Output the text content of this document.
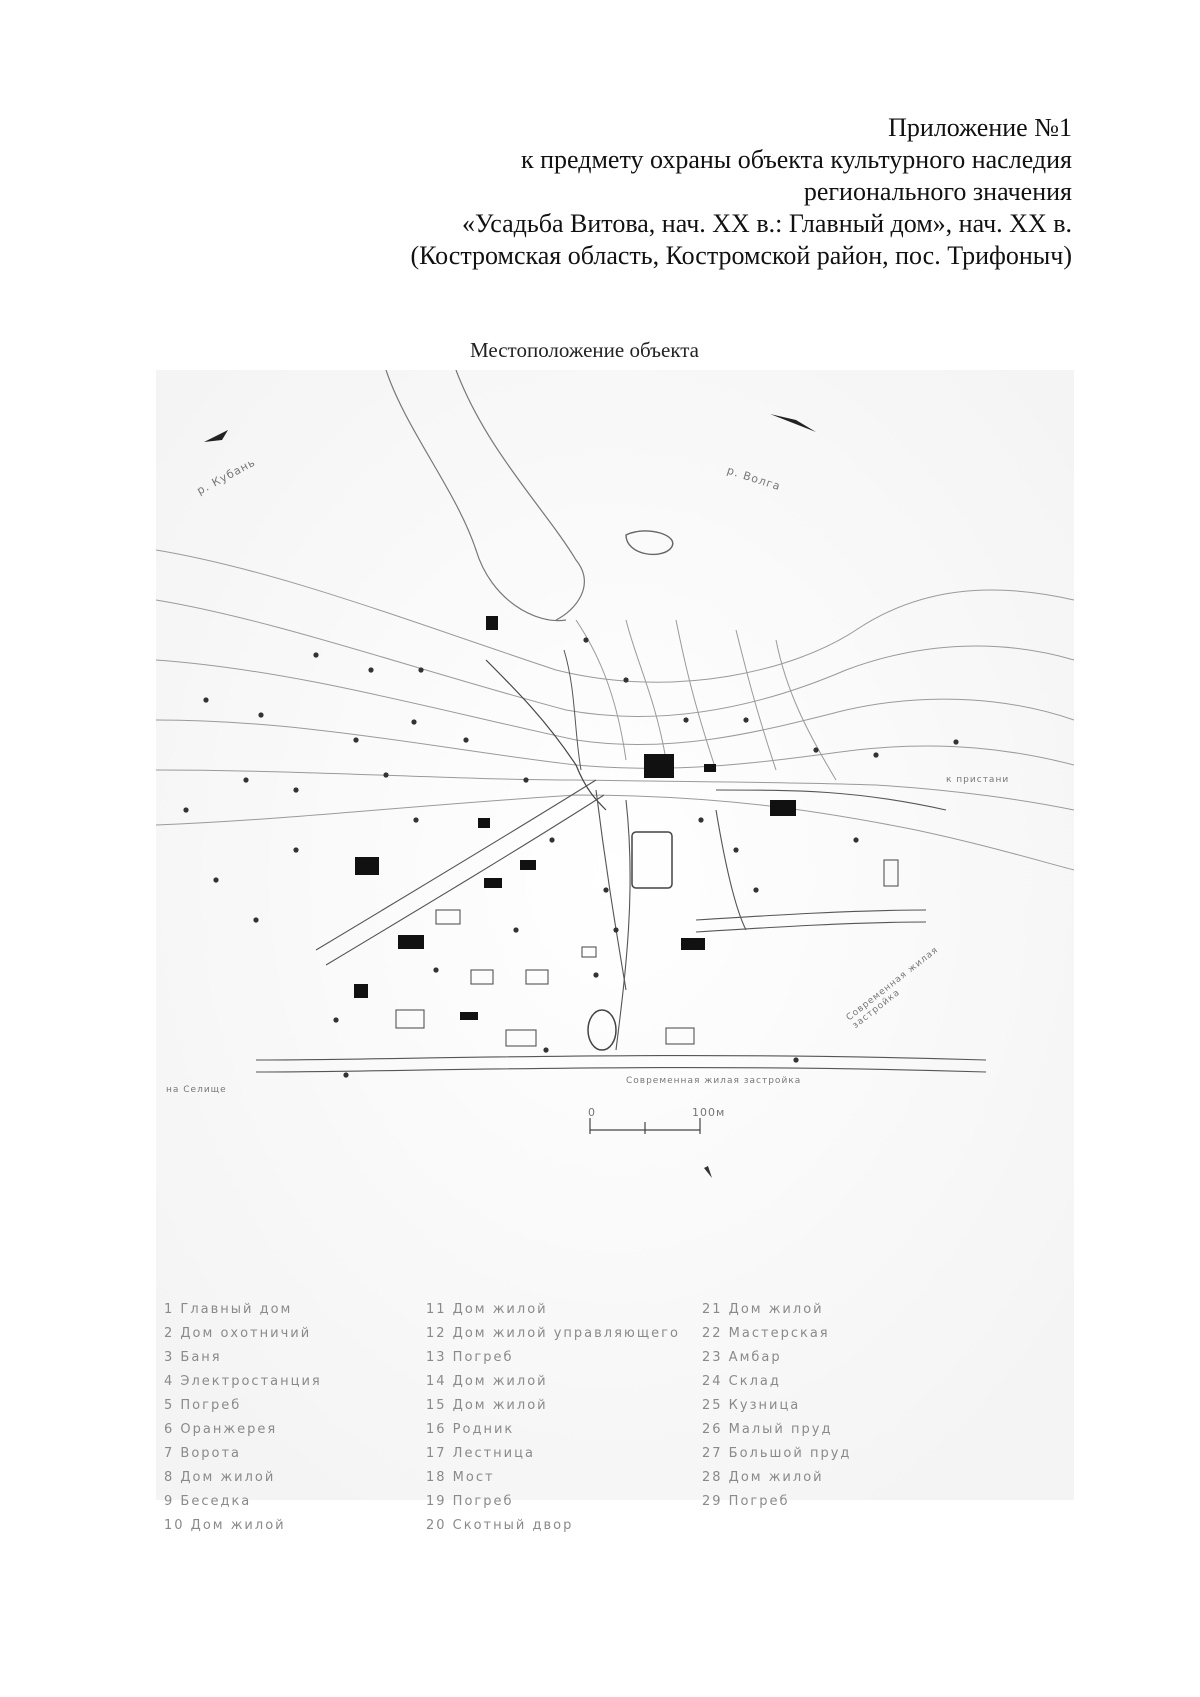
Приложение №1
к предмету охраны объекта культурного наследия
регионального значения
«Усадьба Витова, нач. XX в.: Главный дом», нач. XX в.
(Костромская область, Костромской район, пос. Трифоныч)
Местоположение объекта
р. Кубань	р. Волга
к пристани
на Селище
Современная жилая застройка
Современная жилая застройка
0	100м
1 Главный дом
2 Дом охотничий
3 Баня
4 Электростанция
5 Погреб
6 Оранжерея
7 Ворота
8 Дом жилой
9 Беседка
10 Дом жилой
11 Дом жилой
12 Дом жилой управляющего
13 Погреб
14 Дом жилой
15 Дом жилой
16 Родник
17 Лестница
18 Мост
19 Погреб
20 Скотный двор
21 Дом жилой
22 Мастерская
23 Амбар
24 Склад
25 Кузница
26 Малый пруд
27 Большой пруд
28 Дом жилой
29 Погреб
